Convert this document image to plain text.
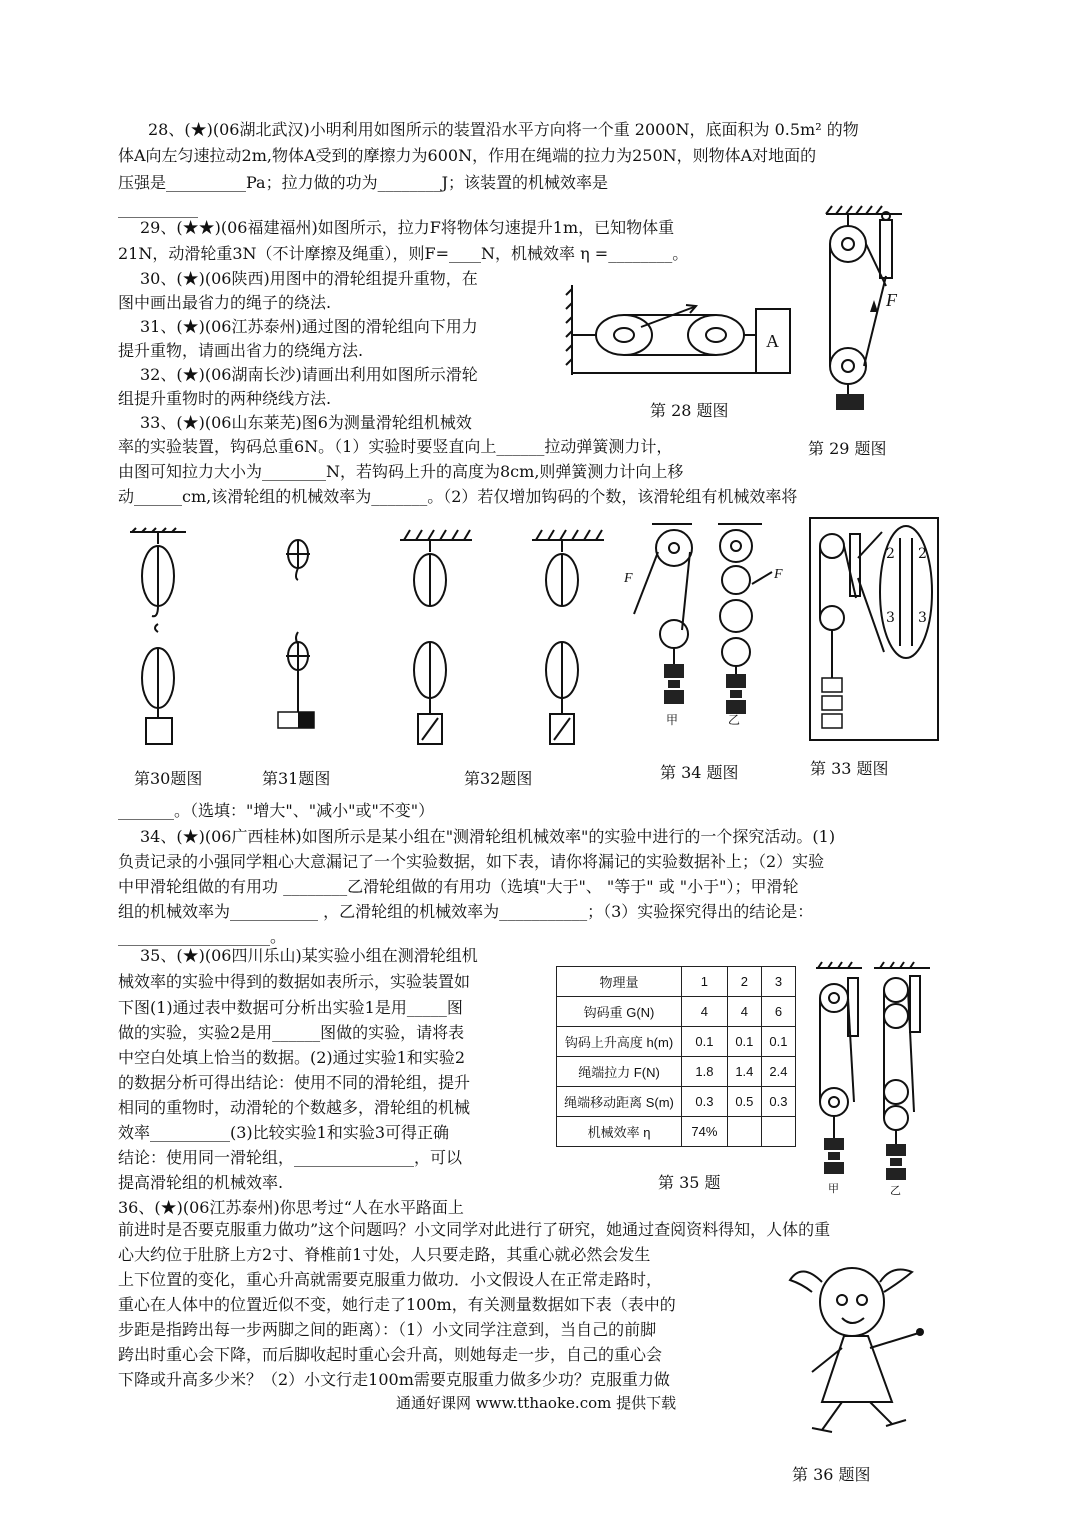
28、(★)(06湖北武汉)小明利用如图所示的装置沿水平方向将一个重 2000N，底面积为 0.5m² 的物
体A向左匀速拉动2m,物体A受到的摩擦力为600N，作用在绳端的拉力为250N，则物体A对地面的
压强是__________Pa；拉力做的功为________J；该装置的机械效率是
__________
29、(★★)(06福建福州)如图所示，拉力F将物体匀速提升1m，已知物体重
21N，动滑轮重3N（不计摩擦及绳重），则F=____N，机械效率 η =________。
30、(★)(06陕西)用图中的滑轮组提升重物，在
图中画出最省力的绳子的绕法.
31、(★)(06江苏泰州)通过图的滑轮组向下用力
提升重物，请画出省力的绕绳方法.
32、(★)(06湖南长沙)请画出利用如图所示滑轮
组提升重物时的两种绕线方法.
33、(★)(06山东莱芜)图6为测量滑轮组机械效
率的实验装置，钩码总重6N。（1）实验时要竖直向上______拉动弹簧测力计，
由图可知拉力大小为________N，若钩码上升的高度为8cm,则弹簧测力计向上移
动______cm,该滑轮组的机械效率为_______。（2）若仅增加钩码的个数，该滑轮组有机械效率将
A
第 28 题图
F
第 29 题图
F	F
甲	乙
2 2
3 3
第30题图	第31题图	第32题图	第 34 题图	第 33 题图
_______。（选填："增大"、"减小"或"不变"）
34、(★)(06广西桂林)如图所示是某小组在"测滑轮组机械效率"的实验中进行的一个探究活动。(1)
负责记录的小强同学粗心大意漏记了一个实验数据，如下表，请你将漏记的实验数据补上；（2）实验
中甲滑轮组做的有用功 ________乙滑轮组做的有用功（选填"大于"、 "等于" 或 "小于"）；甲滑轮
组的机械效率为___________ ，乙滑轮组的机械效率为___________；（3）实验探究得出的结论是：
___________________。
35、(★)(06四川乐山)某实验小组在测滑轮组机
械效率的实验中得到的数据如表所示，实验装置如
下图(1)通过表中数据可分析出实验1是用_____图
做的实验，实验2是用______图做的实验，请将表
中空白处填上恰当的数据。(2)通过实验1和实验2
的数据分析可得出结论：使用不同的滑轮组，提升
相同的重物时，动滑轮的个数越多，滑轮组的机械
效率__________(3)比较实验1和实验3可得正确
结论：使用同一滑轮组，_______________，可以
提高滑轮组的机械效率.
物理量	1	2	3
钩码重 G(N)	4	4	6
钩码上升高度 h(m)	0.1	0.1	0.1
绳端拉力 F(N)	1.8	1.4	2.4
绳端移动距离 S(m)	0.3	0.5	0.3
机械效率 η	74%		
第 35 题	甲	乙
36、(★)(06江苏泰州)你思考过“人在水平路面上
前进时是否要克服重力做功”这个问题吗？小文同学对此进行了研究，她通过查阅资料得知，人体的重
心大约位于肚脐上方2寸、脊椎前1寸处，人只要走路，其重心就必然会发生
上下位置的变化，重心升高就需要克服重力做功．小文假设人在正常走路时，
重心在人体中的位置近似不变，她行走了100m，有关测量数据如下表（表中的
步距是指跨出每一步两脚之间的距离）：（1）小文同学注意到，当自己的前脚
跨出时重心会下降，而后脚收起时重心会升高，则她每走一步，自己的重心会
下降或升高多少米？（2）小文行走100m需要克服重力做多少功？克服重力做
通通好课网 www.tthaoke.com 提供下载
第 36 题图
